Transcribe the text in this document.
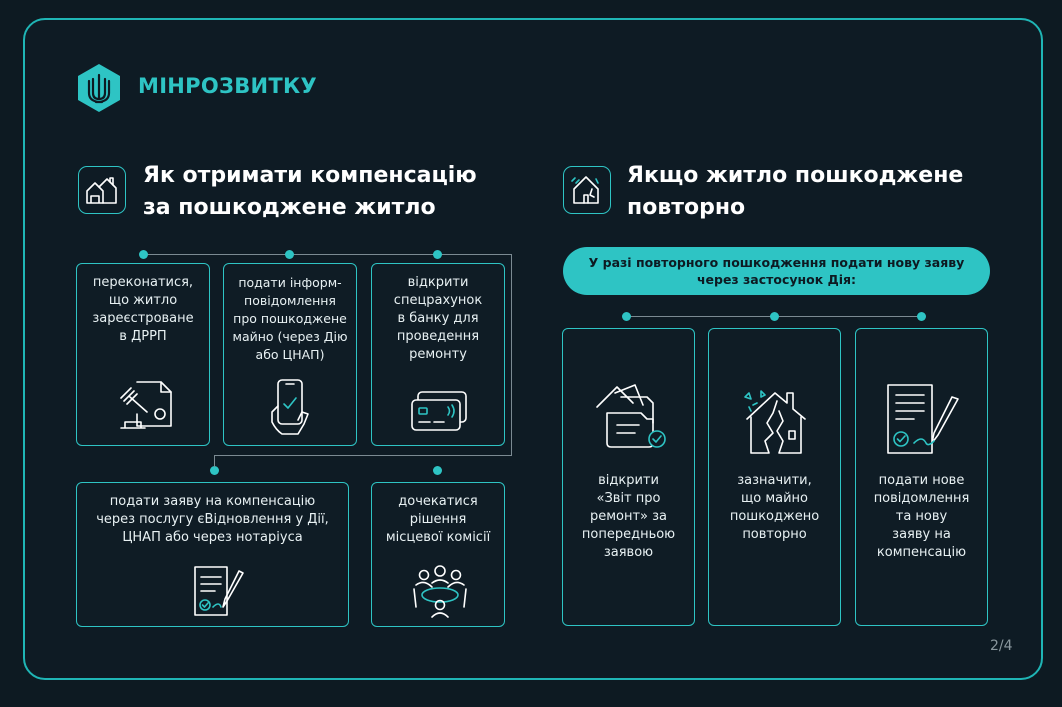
МІНРОЗВИТКУ
Як отримати компенсацію
за пошкоджене житло
переконатися,
що житло
зареєстроване
в ДРРП
подати інформ-
повідомлення
про пошкоджене
майно (через Дію
або ЦНАП)
відкрити
спецрахунок
в банку для
проведення
ремонту
подати заяву на компенсацію
через послугу єВідновлення у Дії,
ЦНАП або через нотаріуса
дочекатися
рішення
місцевої комісії
Якщо житло пошкоджене
повторно
У разі повторного пошкодження подати нову заяву
через застосунок Дія:
відкрити
«Звіт про
ремонт» за
попередньою
заявою
зазначити,
що майно
пошкоджено
повторно
подати нове
повідомлення
та нову
заяву на
компенсацію
2/4
